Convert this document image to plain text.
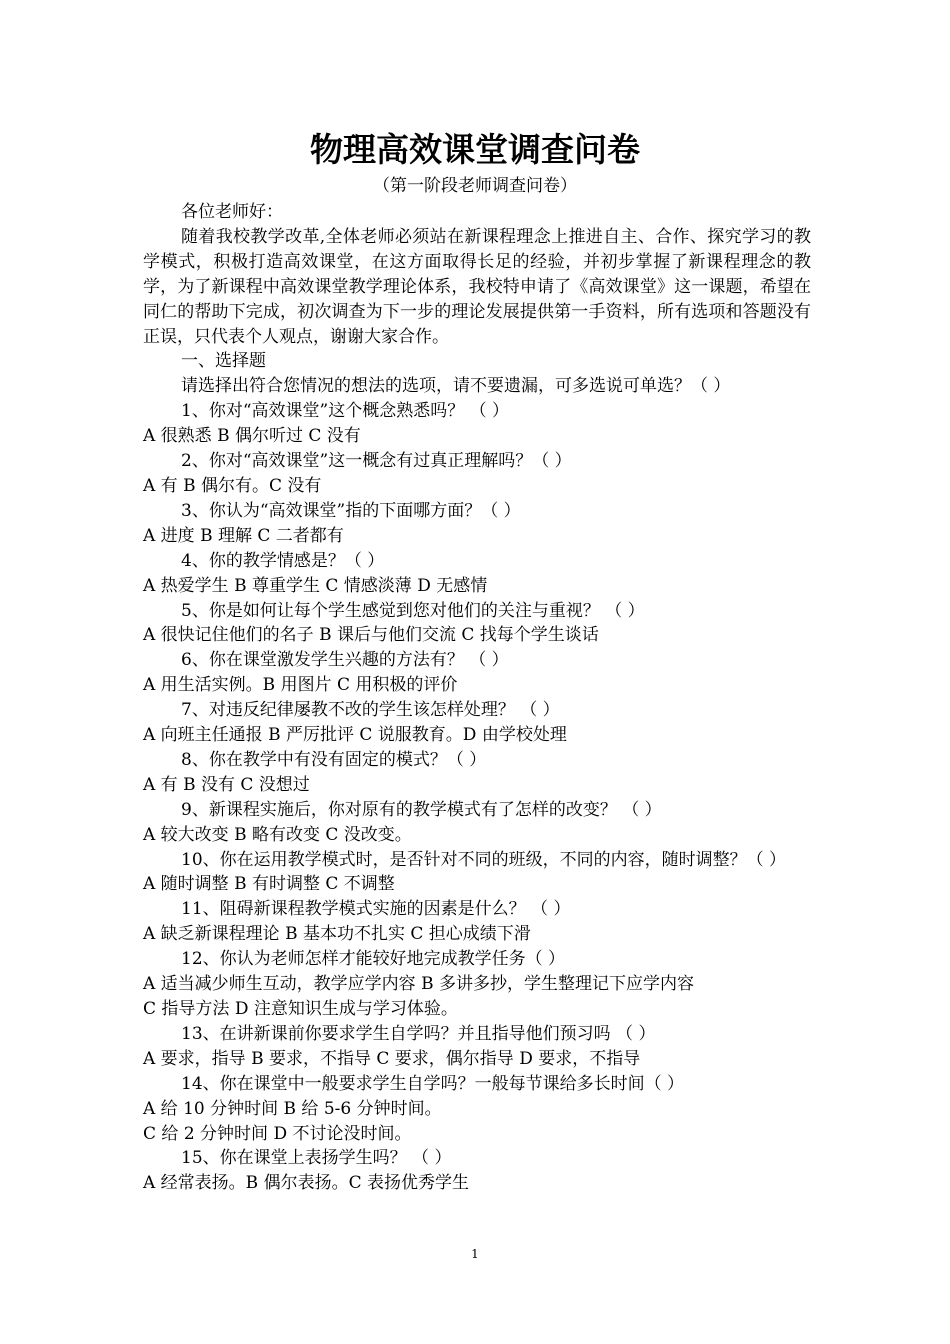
物理高效课堂调查问卷
（第一阶段老师调查问卷）

各位老师好：

随着我校教学改革,全体老师必须站在新课程理念上推进自主、合作、探究学习的教学模式，积极打造高效课堂，在这方面取得长足的经验，并初步掌握了新课程理念的教学，为了新课程中高效课堂教学理论体系，我校特申请了《高效课堂》这一课题，希望在同仁的帮助下完成，初次调查为下一步的理论发展提供第一手资料，所有选项和答题没有正误，只代表个人观点，谢谢大家合作。

一、选择题

请选择出符合您情况的想法的选项，请不要遗漏，可多选说可单选？（ ）

1、你对“高效课堂”这个概念熟悉吗？ （ ）

A 很熟悉 B 偶尔听过 C 没有

2、你对“高效课堂”这一概念有过真正理解吗？（ ）

A 有 B 偶尔有。C 没有

3、你认为“高效课堂”指的下面哪方面？（ ）

A 进度 B 理解 C 二者都有

4、你的教学情感是？（ ）

A 热爱学生 B 尊重学生 C 情感淡薄 D 无感情

5、你是如何让每个学生感觉到您对他们的关注与重视？ （ ）

A 很快记住他们的名子 B 课后与他们交流 C 找每个学生谈话

6、你在课堂激发学生兴趣的方法有？ （ ）

A 用生活实例。B 用图片 C 用积极的评价

7、对违反纪律屡教不改的学生该怎样处理？ （ ）

A 向班主任通报 B 严厉批评 C 说服教育。D 由学校处理

8、你在教学中有没有固定的模式？（ ）

A 有 B 没有 C 没想过

9、新课程实施后，你对原有的教学模式有了怎样的改变？ （ ）

A 较大改变 B 略有改变 C 没改变。

10、你在运用教学模式时，是否针对不同的班级，不同的内容，随时调整？（ ）

A 随时调整 B 有时调整 C 不调整

11、阻碍新课程教学模式实施的因素是什么？ （ ）

A 缺乏新课程理论 B 基本功不扎实 C 担心成绩下滑

12、你认为老师怎样才能较好地完成教学任务（ ）

A 适当减少师生互动，教学应学内容 B 多讲多抄，学生整理记下应学内容

C 指导方法 D 注意知识生成与学习体验。

13、在讲新课前你要求学生自学吗？并且指导他们预习吗 （ ）

A 要求，指导 B 要求，不指导 C 要求，偶尔指导 D 要求，不指导

14、你在课堂中一般要求学生自学吗？一般每节课给多长时间（ ）

A 给 10 分钟时间 B 给 5-6 分钟时间。

C 给 2 分钟时间 D 不讨论没时间。

15、你在课堂上表扬学生吗？ （ ）

A 经常表扬。B 偶尔表扬。C 表扬优秀学生

1
